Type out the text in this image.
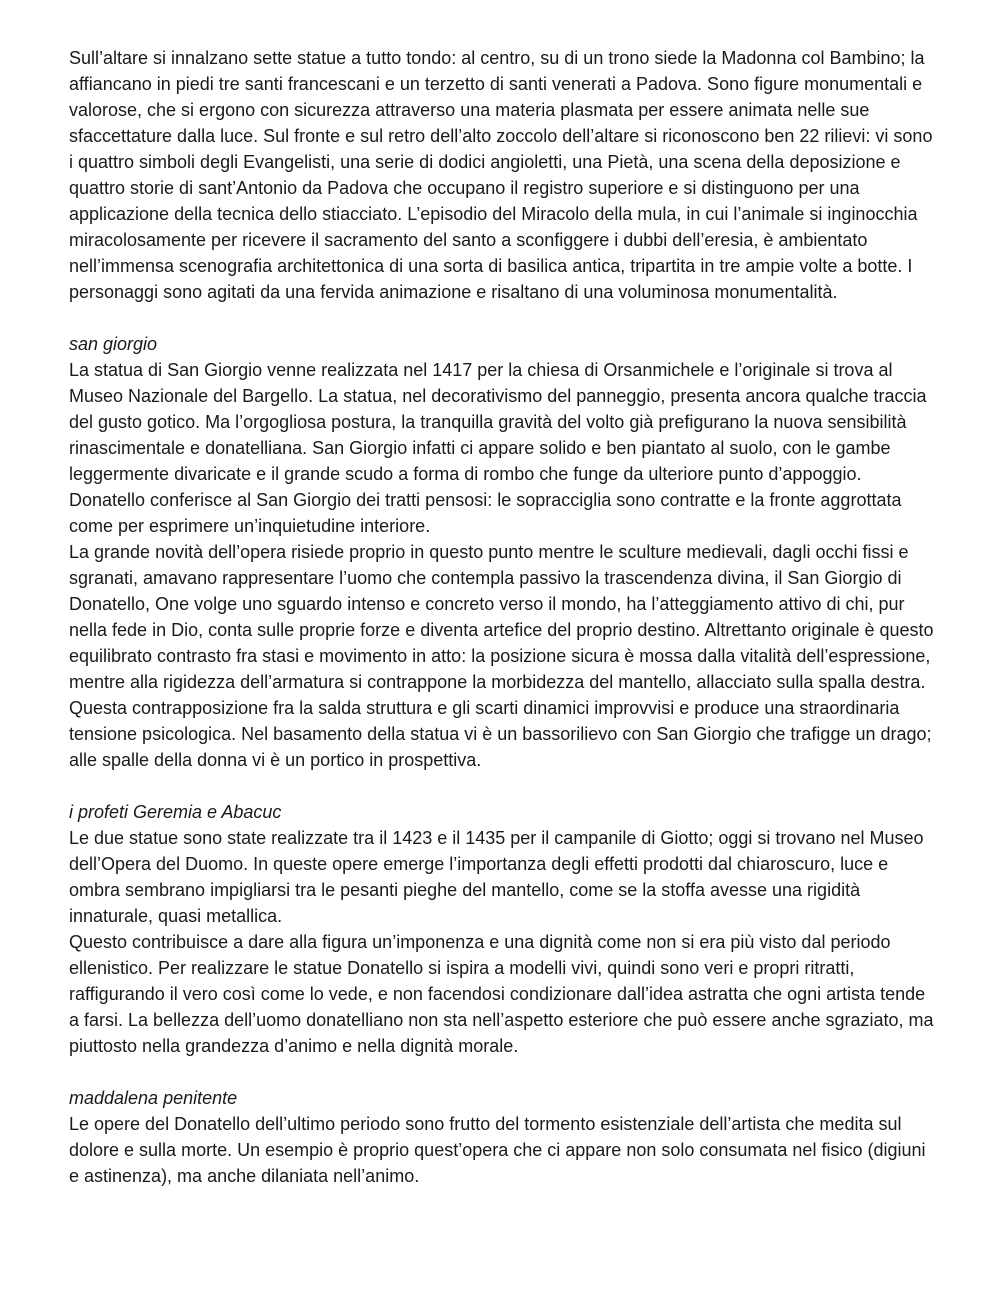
Sull’altare si innalzano sette statue a tutto tondo: al centro, su di un trono siede la Madonna col Bambino; la affiancano in piedi tre santi francescani e un terzetto di santi venerati a Padova. Sono figure monumentali e valorose, che si ergono con sicurezza attraverso una materia plasmata per essere animata nelle sue sfaccettature dalla luce. Sul fronte e sul retro dell’alto zoccolo dell’altare si riconoscono ben 22 rilievi: vi sono i quattro simboli degli Evangelisti, una serie di dodici angioletti, una Pietà, una scena della deposizione e quattro storie di sant’Antonio da Padova che occupano il registro superiore e si distinguono per una applicazione della tecnica dello stiacciato. L’episodio del Miracolo della mula, in cui l’animale si inginocchia miracolosamente per ricevere il sacramento del santo a sconfiggere i dubbi dell’eresia, è ambientato nell’immensa scenografia architettonica di una sorta di basilica antica, tripartita in tre ampie volte a botte. I personaggi sono agitati da una fervida animazione e risaltano di una voluminosa monumentalità.

san giorgio

La statua di San Giorgio venne realizzata nel 1417 per la chiesa di Orsanmichele e l’originale si trova al Museo Nazionale del Bargello. La statua, nel decorativismo del panneggio, presenta ancora qualche traccia del gusto gotico. Ma l’orgogliosa postura, la tranquilla gravità del volto già prefigurano la nuova sensibilità rinascimentale e donatelliana. San Giorgio infatti ci appare solido e ben piantato al suolo, con le gambe leggermente divaricate e il grande scudo a forma di rombo che funge da ulteriore punto d’appoggio. Donatello conferisce al San Giorgio dei tratti pensosi: le sopracciglia sono contratte e la fronte aggrottata come per esprimere un’inquietudine interiore.

La grande novità dell’opera risiede proprio in questo punto mentre le sculture medievali, dagli occhi fissi e sgranati, amavano rappresentare l’uomo che contempla passivo la trascendenza divina, il San Giorgio di Donatello, One volge uno sguardo intenso e concreto verso il mondo, ha l’atteggiamento attivo di chi, pur nella fede in Dio, conta sulle proprie forze e diventa artefice del proprio destino. Altrettanto originale è questo equilibrato contrasto fra stasi e movimento in atto: la posizione sicura è mossa dalla vitalità dell’espressione, mentre alla rigidezza dell’armatura si contrappone la morbidezza del mantello, allacciato sulla spalla destra. Questa contrapposizione fra la salda struttura e gli scarti dinamici improvvisi e produce una straordinaria tensione psicologica. Nel basamento della statua vi è un bassorilievo con San Giorgio che trafigge un drago; alle spalle della donna vi è un portico in prospettiva.

i profeti Geremia e Abacuc

Le due statue sono state realizzate tra il 1423 e il 1435 per il campanile di Giotto; oggi si trovano nel Museo dell’Opera del Duomo. In queste opere emerge l’importanza degli effetti prodotti dal chiaroscuro, luce e ombra sembrano impigliarsi tra le pesanti pieghe del mantello, come se la stoffa avesse una rigidità innaturale, quasi metallica.

Questo contribuisce a dare alla figura un’imponenza e una dignità come non si era più visto dal periodo ellenistico. Per realizzare le statue Donatello si ispira a modelli vivi, quindi sono veri e propri ritratti, raffigurando il vero così come lo vede, e non facendosi condizionare dall’idea astratta che ogni artista tende a farsi. La bellezza dell’uomo donatelliano non sta nell’aspetto esteriore che può essere anche sgraziato, ma piuttosto nella grandezza d’animo e nella dignità morale.

maddalena penitente

Le opere del Donatello dell’ultimo periodo sono frutto del tormento esistenziale dell’artista che medita sul dolore e sulla morte. Un esempio è proprio quest’opera che ci appare non solo consumata nel fisico (digiuni e astinenza), ma anche dilaniata nell’animo.
